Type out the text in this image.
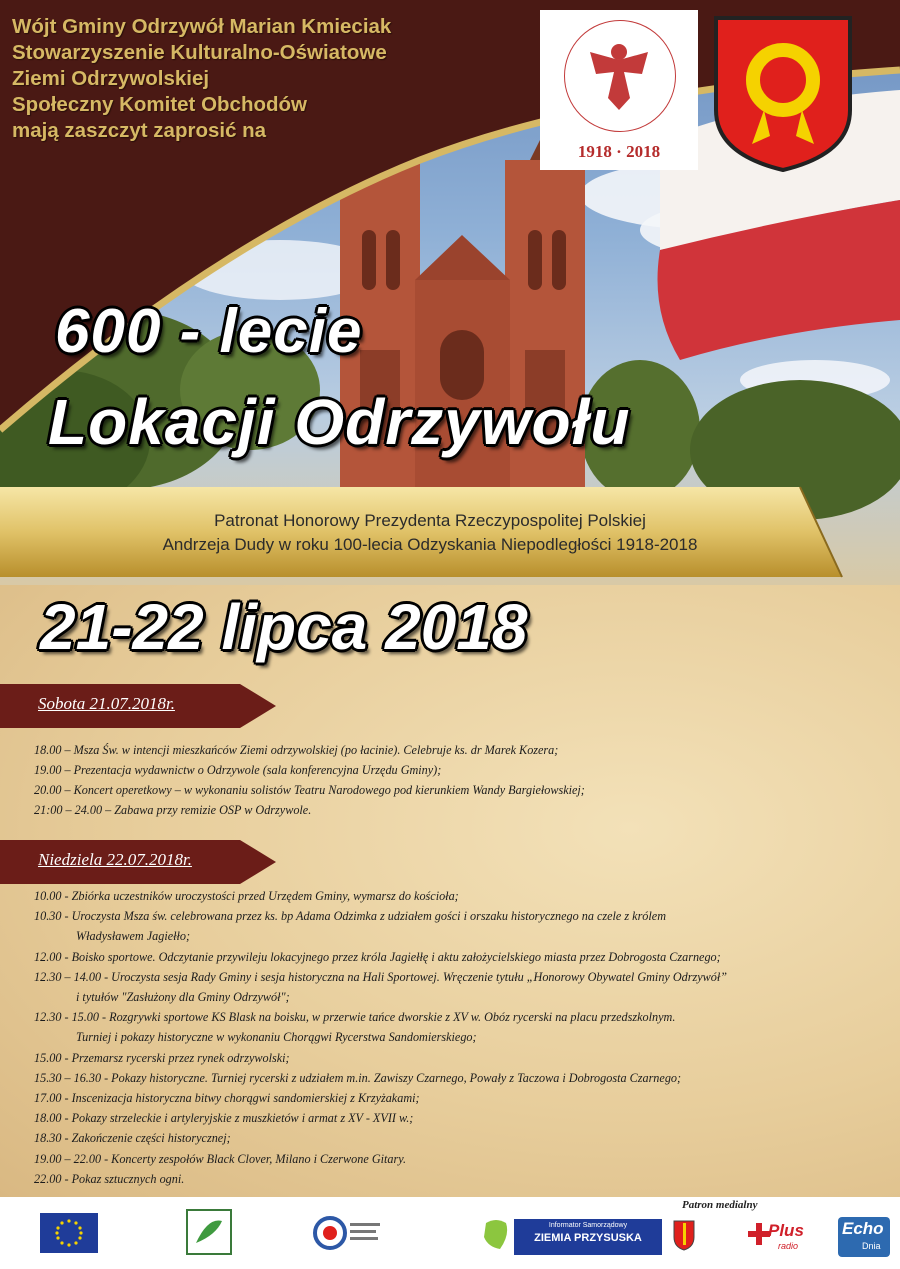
Wójt Gminy Odrzywół Marian Kmieciak
Stowarzyszenie Kulturalno-Oświatowe
Ziemi Odrzywolskiej
Społeczny Komitet Obchodów
mają zaszczyt zaprosić na
1918 · 2018
600 - lecie
Lokacji Odrzywołu
Patronat Honorowy Prezydenta Rzeczypospolitej Polskiej
Andrzeja Dudy w roku 100-lecia Odzyskania Niepodległości 1918-2018
21-22 lipca 2018
Sobota 21.07.2018r.
18.00 – Msza Św. w intencji mieszkańców Ziemi odrzywolskiej (po łacinie). Celebruje ks. dr Marek Kozera;
19.00 – Prezentacja wydawnictw o Odrzywole (sala konferencyjna Urzędu Gminy);
20.00 – Koncert operetkowy – w wykonaniu solistów Teatru Narodowego pod kierunkiem Wandy Bargiełowskiej;
21:00 – 24.00 – Zabawa przy remizie OSP w Odrzywole.
Niedziela 22.07.2018r.
10.00 - Zbiórka uczestników uroczystości przed Urzędem Gminy, wymarsz do kościoła;
10.30 - Uroczysta Msza św. celebrowana przez ks. bp Adama Odzimka z udziałem gości i orszaku historycznego na czele z królem
Władysławem Jagiełło;
12.00 - Boisko sportowe. Odczytanie przywileju lokacyjnego przez króla Jagiełłę i aktu założycielskiego miasta przez Dobrogosta Czarnego;
12.30 – 14.00 - Uroczysta sesja Rady Gminy i sesja historyczna na Hali Sportowej. Wręczenie tytułu „Honorowy Obywatel Gminy Odrzywół”
i tytułów "Zasłużony dla Gminy Odrzywół";
12.30 - 15.00 - Rozgrywki sportowe KS Blask na boisku, w przerwie tańce dworskie z XV w. Obóz rycerski na placu przedszkolnym.
Turniej i pokazy historyczne w wykonaniu Chorągwi Rycerstwa Sandomierskiego;
15.00 - Przemarsz rycerski przez rynek odrzywolski;
15.30 – 16.30 - Pokazy historyczne. Turniej rycerski z udziałem m.in. Zawiszy Czarnego, Powały z Taczowa i Dobrogosta Czarnego;
17.00 - Inscenizacja historyczna bitwy chorągwi sandomierskiej z Krzyżakami;
18.00 - Pokazy strzeleckie i artyleryjskie z muszkietów i armat z XV - XVII w.;
18.30 - Zakończenie części historycznej;
19.00 – 22.00 - Koncerty zespołów Black Clover, Milano i Czerwone Gitary.
22.00 - Pokaz sztucznych ogni.
Informator Samorządowy
ZIEMIA PRZYSUSKA	Plus
radio
Echo
Dnia
Patron medialny
